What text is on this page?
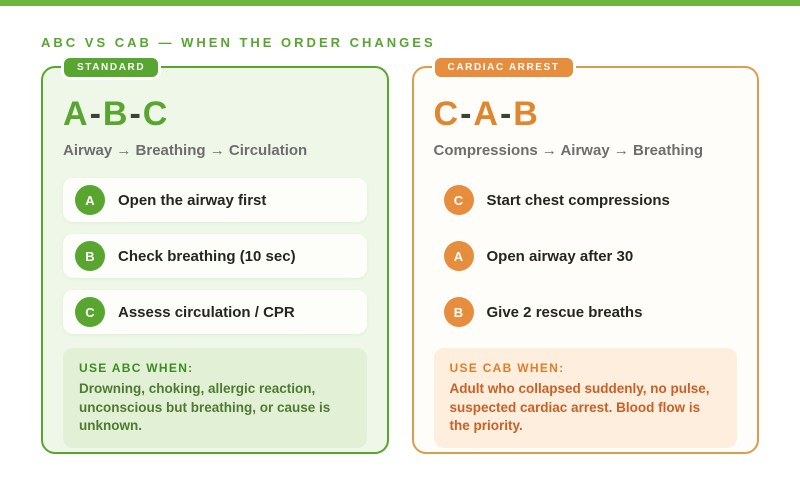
ABC VS CAB — WHEN THE ORDER CHANGES
STANDARD
A-B-C
Airway → Breathing → Circulation
A	Open the airway first
B	Check breathing (10 sec)
C	Assess circulation / CPR
USE ABC WHEN:
Drowning, choking, allergic reaction, unconscious but breathing, or cause is unknown.
CARDIAC ARREST
C-A-B
Compressions → Airway → Breathing
C	Start chest compressions
A	Open airway after 30
B	Give 2 rescue breaths
USE CAB WHEN:
Adult who collapsed suddenly, no pulse, suspected cardiac arrest. Blood flow is the priority.
